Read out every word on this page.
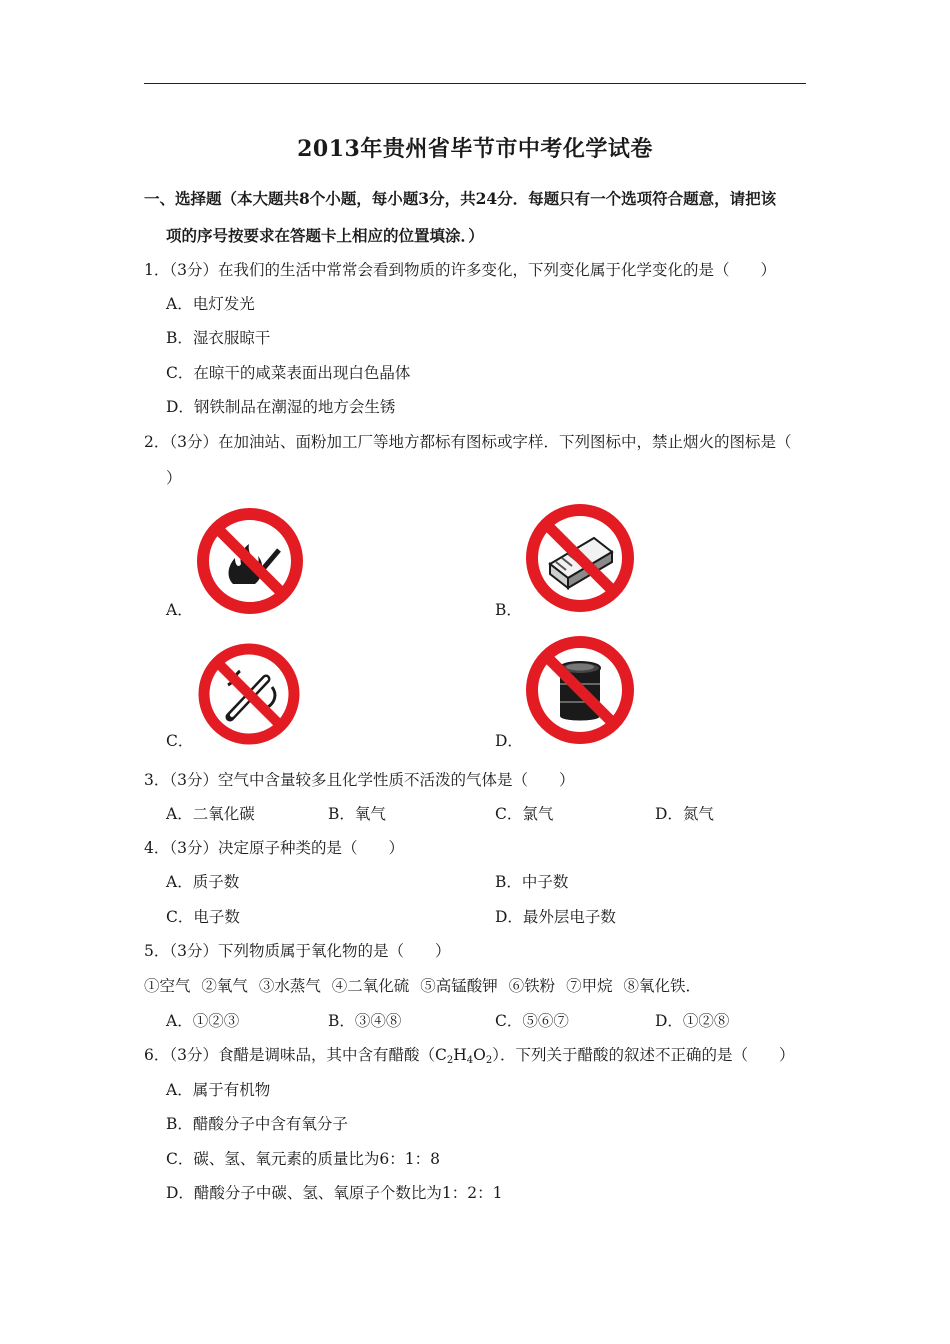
2013年贵州省毕节市中考化学试卷
一、选择题（本大题共8个小题，每小题3分，共24分．每题只有一个选项符合题意，请把该
项的序号按要求在答题卡上相应的位置填涂．）
1．（3分）在我们的生活中常常会看到物质的许多变化，下列变化属于化学变化的是（　　）
A．电灯发光
B．湿衣服晾干
C．在晾干的咸菜表面出现白色晶体
D．钢铁制品在潮湿的地方会生锈
2．（3分）在加油站、面粉加工厂等地方都标有图标或字样．下列图标中，禁止烟火的图标是（
）
A．	B．
C．	D．
3．（3分）空气中含量较多且化学性质不活泼的气体是（　　）
A．二氧化碳	B．氧气	C．氯气	D．氮气
4．（3分）决定原子种类的是（　　）
A．质子数	B．中子数
C．电子数	D．最外层电子数
5．（3分）下列物质属于氧化物的是（　　）
①空气 ②氧气 ③水蒸气 ④二氧化硫 ⑤高锰酸钾 ⑥铁粉 ⑦甲烷 ⑧氧化铁．
A．①②③	B．③④⑧	C．⑤⑥⑦	D．①②⑧
6．（3分）食醋是调味品，其中含有醋酸$(C_2H_4O_2)$．下列关于醋酸的叙述不正确的是（　　）
A．属于有机物
B．醋酸分子中含有氧分子
C．碳、氢、氧元素的质量比为6：1：8
D．醋酸分子中碳、氢、氧原子个数比为1：2：1
